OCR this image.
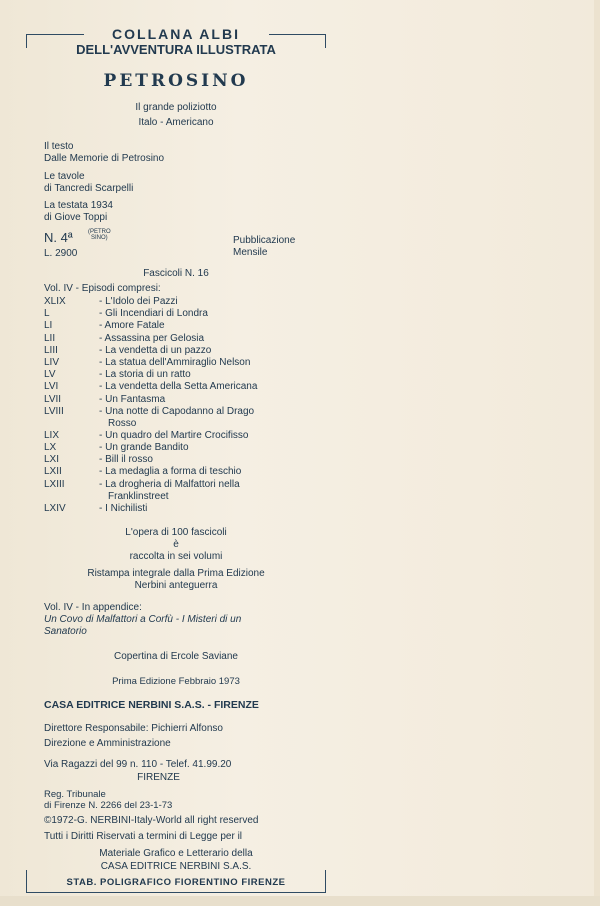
COLLANA ALBI
DELL'AVVENTURA ILLUSTRATA
PETROSINO
Il grande poliziotto
Italo - Americano
Il testo
Dalle Memorie di Petrosino
Le tavole
di Tancredi Scarpelli
La testata 1934
di Giove Toppi
N. 4ª	(PETRO
SINO)
L. 2900
Pubblicazione
Mensile
Fascicoli N. 16
Vol. IV - Episodi compresi:
XLIX	- L'Idolo dei Pazzi
L	- Gli Incendiari di Londra
LI	- Amore Fatale
LII	- Assassina per Gelosia
LIII	- La vendetta di un pazzo
LIV	- La statua dell'Ammiraglio Nelson
LV	- La storia di un ratto
LVI	- La vendetta della Setta Americana
LVII	- Un Fantasma
LVIII	- Una notte di Capodanno al Drago
Rosso
LIX	- Un quadro del Martire Crocifisso
LX	- Un grande Bandito
LXI	- Bill il rosso
LXII	- La medaglia a forma di teschio
LXIII	- La drogheria di Malfattori nella
Franklinstreet
LXIV	- I Nichilisti
L'opera di 100 fascicoli
è
raccolta in sei volumi
Ristampa integrale dalla Prima Edizione
Nerbini anteguerra
Vol. IV - In appendice:
Un Covo di Malfattori a Corfù - I Misteri di un
Sanatorio
Copertina di Ercole Saviane
Prima Edizione Febbraio 1973
CASA EDITRICE NERBINI S.A.S. - FIRENZE
Direttore Responsabile: Pichierri Alfonso
Direzione e Amministrazione
Via Ragazzi del 99 n. 110 - Telef. 41.99.20
FIRENZE
Reg. Tribunale
di Firenze N. 2266 del 23-1-73
©1972-G. NERBINI-Italy-World all right reserved
Tutti i Diritti Riservati a termini di Legge per il
Materiale Grafico e Letterario della
CASA EDITRICE NERBINI S.A.S.
STAB. POLIGRAFICO FIORENTINO FIRENZE
